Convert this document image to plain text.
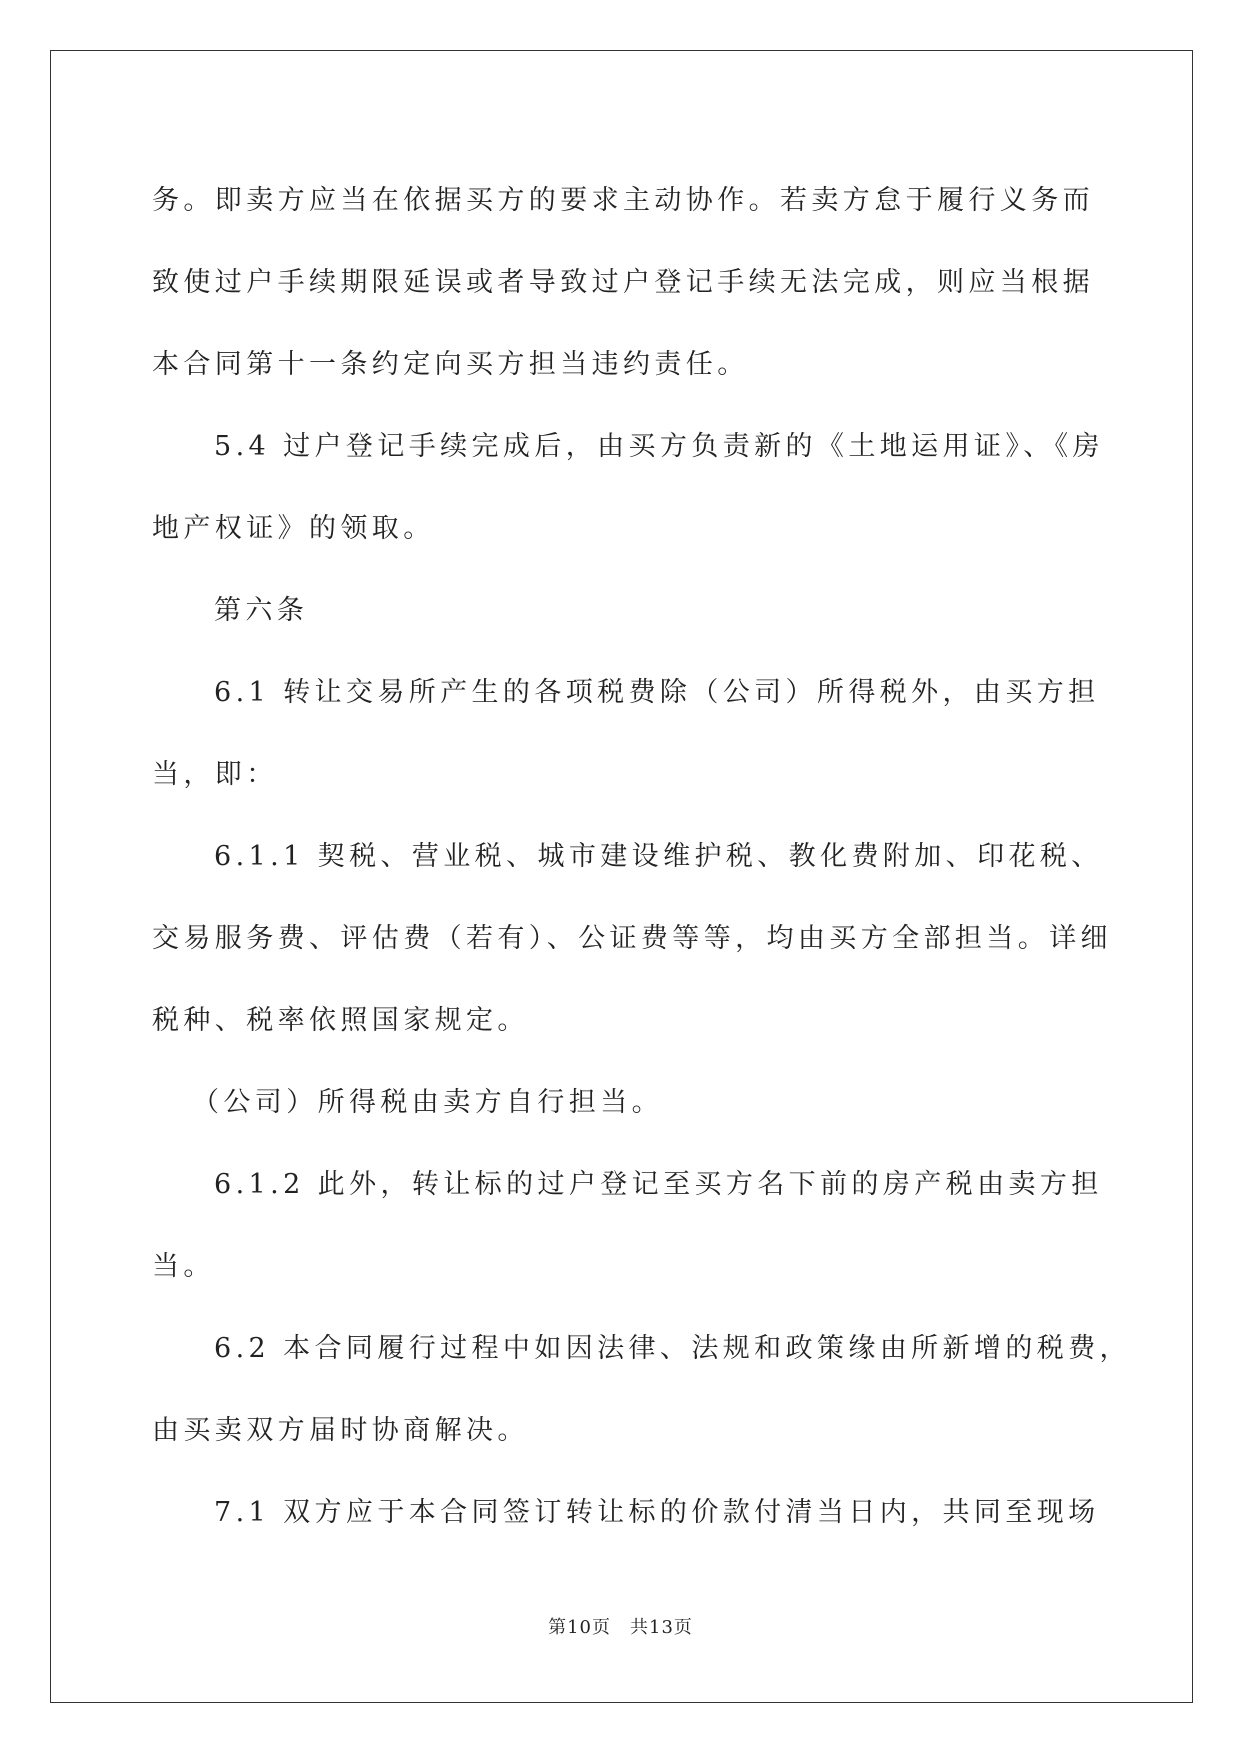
务。即卖方应当在依据买方的要求主动协作。若卖方怠于履行义务而
致使过户手续期限延误或者导致过户登记手续无法完成，则应当根据
本合同第十一条约定向买方担当违约责任。
5.4 过户登记手续完成后，由买方负责新的《土地运用证》、《房
地产权证》的领取。
第六条
6.1 转让交易所产生的各项税费除（公司）所得税外，由买方担
当，即：
6.1.1 契税、营业税、城市建设维护税、教化费附加、印花税、
交易服务费、评估费（若有）、公证费等等，均由买方全部担当。详细
税种、税率依照国家规定。
（公司）所得税由卖方自行担当。
6.1.2 此外，转让标的过户登记至买方名下前的房产税由卖方担
当。
6.2 本合同履行过程中如因法律、法规和政策缘由所新增的税费，
由买卖双方届时协商解决。
7.1 双方应于本合同签订转让标的价款付清当日内，共同至现场
第10页　共13页
